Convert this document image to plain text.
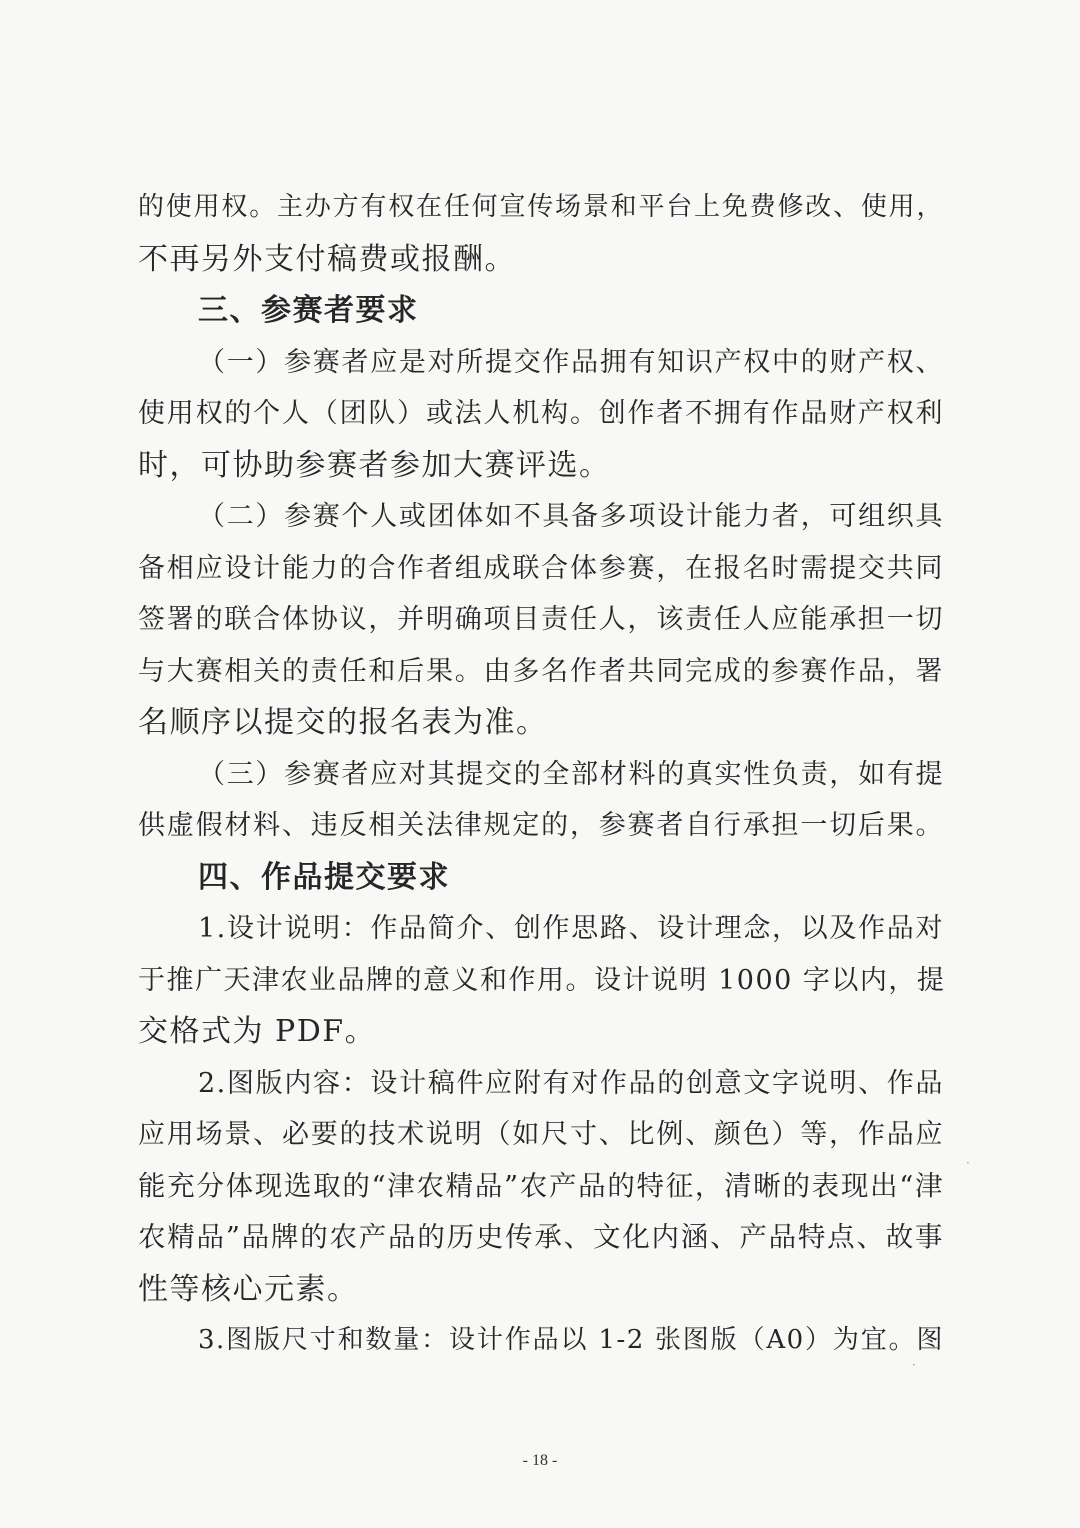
的使用权。主办方有权在任何宣传场景和平台上免费修改、使用，
不再另外支付稿费或报酬。
三、参赛者要求
（一）参赛者应是对所提交作品拥有知识产权中的财产权、
使用权的个人（团队）或法人机构。创作者不拥有作品财产权利
时，可协助参赛者参加大赛评选。
（二）参赛个人或团体如不具备多项设计能力者，可组织具
备相应设计能力的合作者组成联合体参赛，在报名时需提交共同
签署的联合体协议，并明确项目责任人，该责任人应能承担一切
与大赛相关的责任和后果。由多名作者共同完成的参赛作品，署
名顺序以提交的报名表为准。
（三）参赛者应对其提交的全部材料的真实性负责，如有提
供虚假材料、违反相关法律规定的，参赛者自行承担一切后果。
四、作品提交要求
1.设计说明：作品简介、创作思路、设计理念，以及作品对
于推广天津农业品牌的意义和作用。设计说明 1000 字以内，提
交格式为 PDF。
2.图版内容：设计稿件应附有对作品的创意文字说明、作品
应用场景、必要的技术说明（如尺寸、比例、颜色）等，作品应
能充分体现选取的“津农精品”农产品的特征，清晰的表现出“津
农精品”品牌的农产品的历史传承、文化内涵、产品特点、故事
性等核心元素。
3.图版尺寸和数量：设计作品以 1-2 张图版（A0）为宜。图
·
·
- 18 -
